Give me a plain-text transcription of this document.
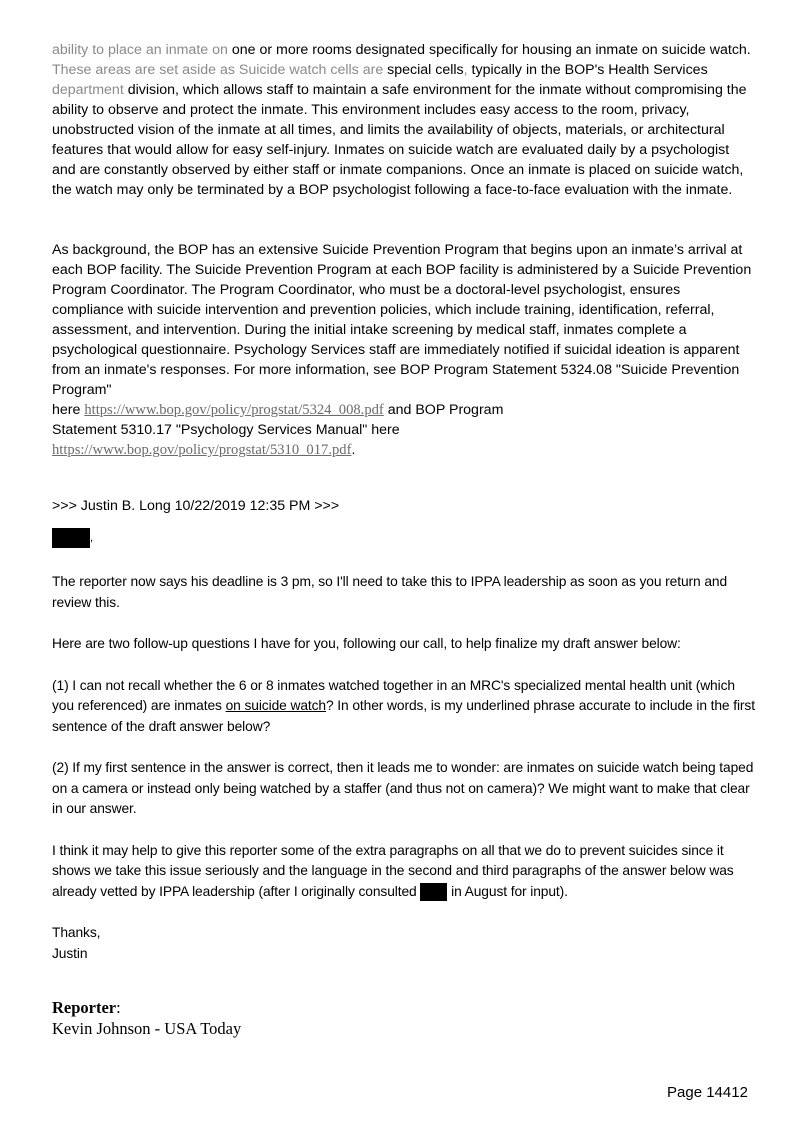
ability to place an inmate on one or more rooms designated specifically for housing an inmate on suicide watch. These areas are set aside as Suicide watch cells are special cells, typically in the BOP's Health Services department division, which allows staff to maintain a safe environment for the inmate without compromising the ability to observe and protect the inmate. This environment includes easy access to the room, privacy, unobstructed vision of the inmate at all times, and limits the availability of objects, materials, or architectural features that would allow for easy self-injury. Inmates on suicide watch are evaluated daily by a psychologist and are constantly observed by either staff or inmate companions. Once an inmate is placed on suicide watch, the watch may only be terminated by a BOP psychologist following a face-to-face evaluation with the inmate.

As background, the BOP has an extensive Suicide Prevention Program that begins upon an inmate’s arrival at each BOP facility. The Suicide Prevention Program at each BOP facility is administered by a Suicide Prevention Program Coordinator. The Program Coordinator, who must be a doctoral-level psychologist, ensures compliance with suicide intervention and prevention policies, which include training, identification, referral, assessment, and intervention. During the initial intake screening by medical staff, inmates complete a psychological questionnaire. Psychology Services staff are immediately notified if suicidal ideation is apparent from an inmate's responses. For more information, see BOP Program Statement 5324.08 "Suicide Prevention Program"

here https://www.bop.gov/policy/progstat/5324_008.pdf and BOP Program

Statement 5310.17 "Psychology Services Manual" here

https://www.bop.gov/policy/progstat/5310_017.pdf.

>>> Justin B. Long 10/22/2019 12:35 PM >>>
,

The reporter now says his deadline is 3 pm, so I'll need to take this to IPPA leadership as soon as you return and review this.

Here are two follow-up questions I have for you, following our call, to help finalize my draft answer below:

(1) I can not recall whether the 6 or 8 inmates watched together in an MRC's specialized mental health unit (which you referenced) are inmates on suicide watch? In other words, is my underlined phrase accurate to include in the first sentence of the draft answer below?

(2) If my first sentence in the answer is correct, then it leads me to wonder: are inmates on suicide watch being taped on a camera or instead only being watched by a staffer (and thus not on camera)? We might want to make that clear in our answer.

I think it may help to give this reporter some of the extra paragraphs on all that we do to prevent suicides since it shows we take this issue seriously and the language in the second and third paragraphs of the answer below was already vetted by IPPA leadership (after I originally consulted  in August for input).

Thanks,

Justin

Reporter:
Kevin Johnson - USA Today
Page 14412
